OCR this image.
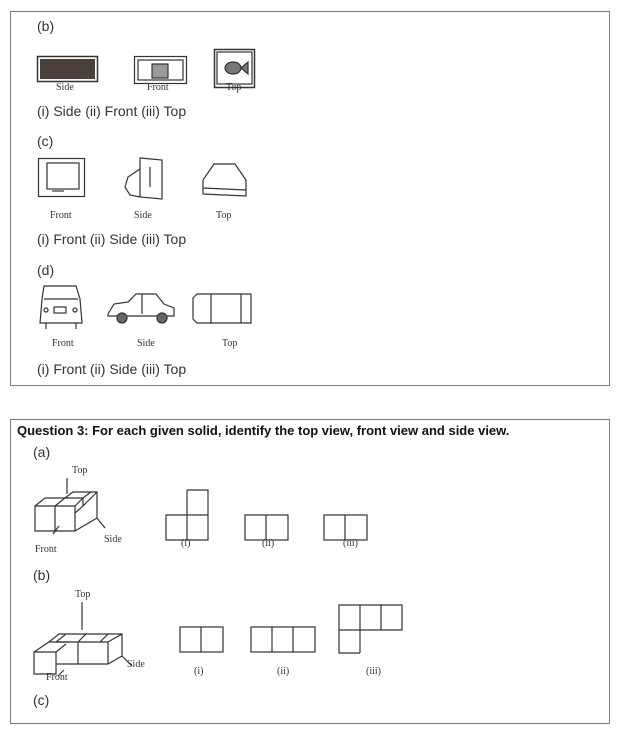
(b)
Side	Front	Top
(i) Side (ii) Front (iii) Top
(c)
Front	Side	Top
(i) Front (ii) Side (iii) Top
(d)
Front	Side	Top
(i) Front (ii) Side (iii) Top
Question 3: For each given solid, identify the top view, front view and side view.
(a)
Top
Side
Front
(i)	(ii)	(iii)
(b)
Top
Side
Front
(i)	(ii)	(iii)
(c)
